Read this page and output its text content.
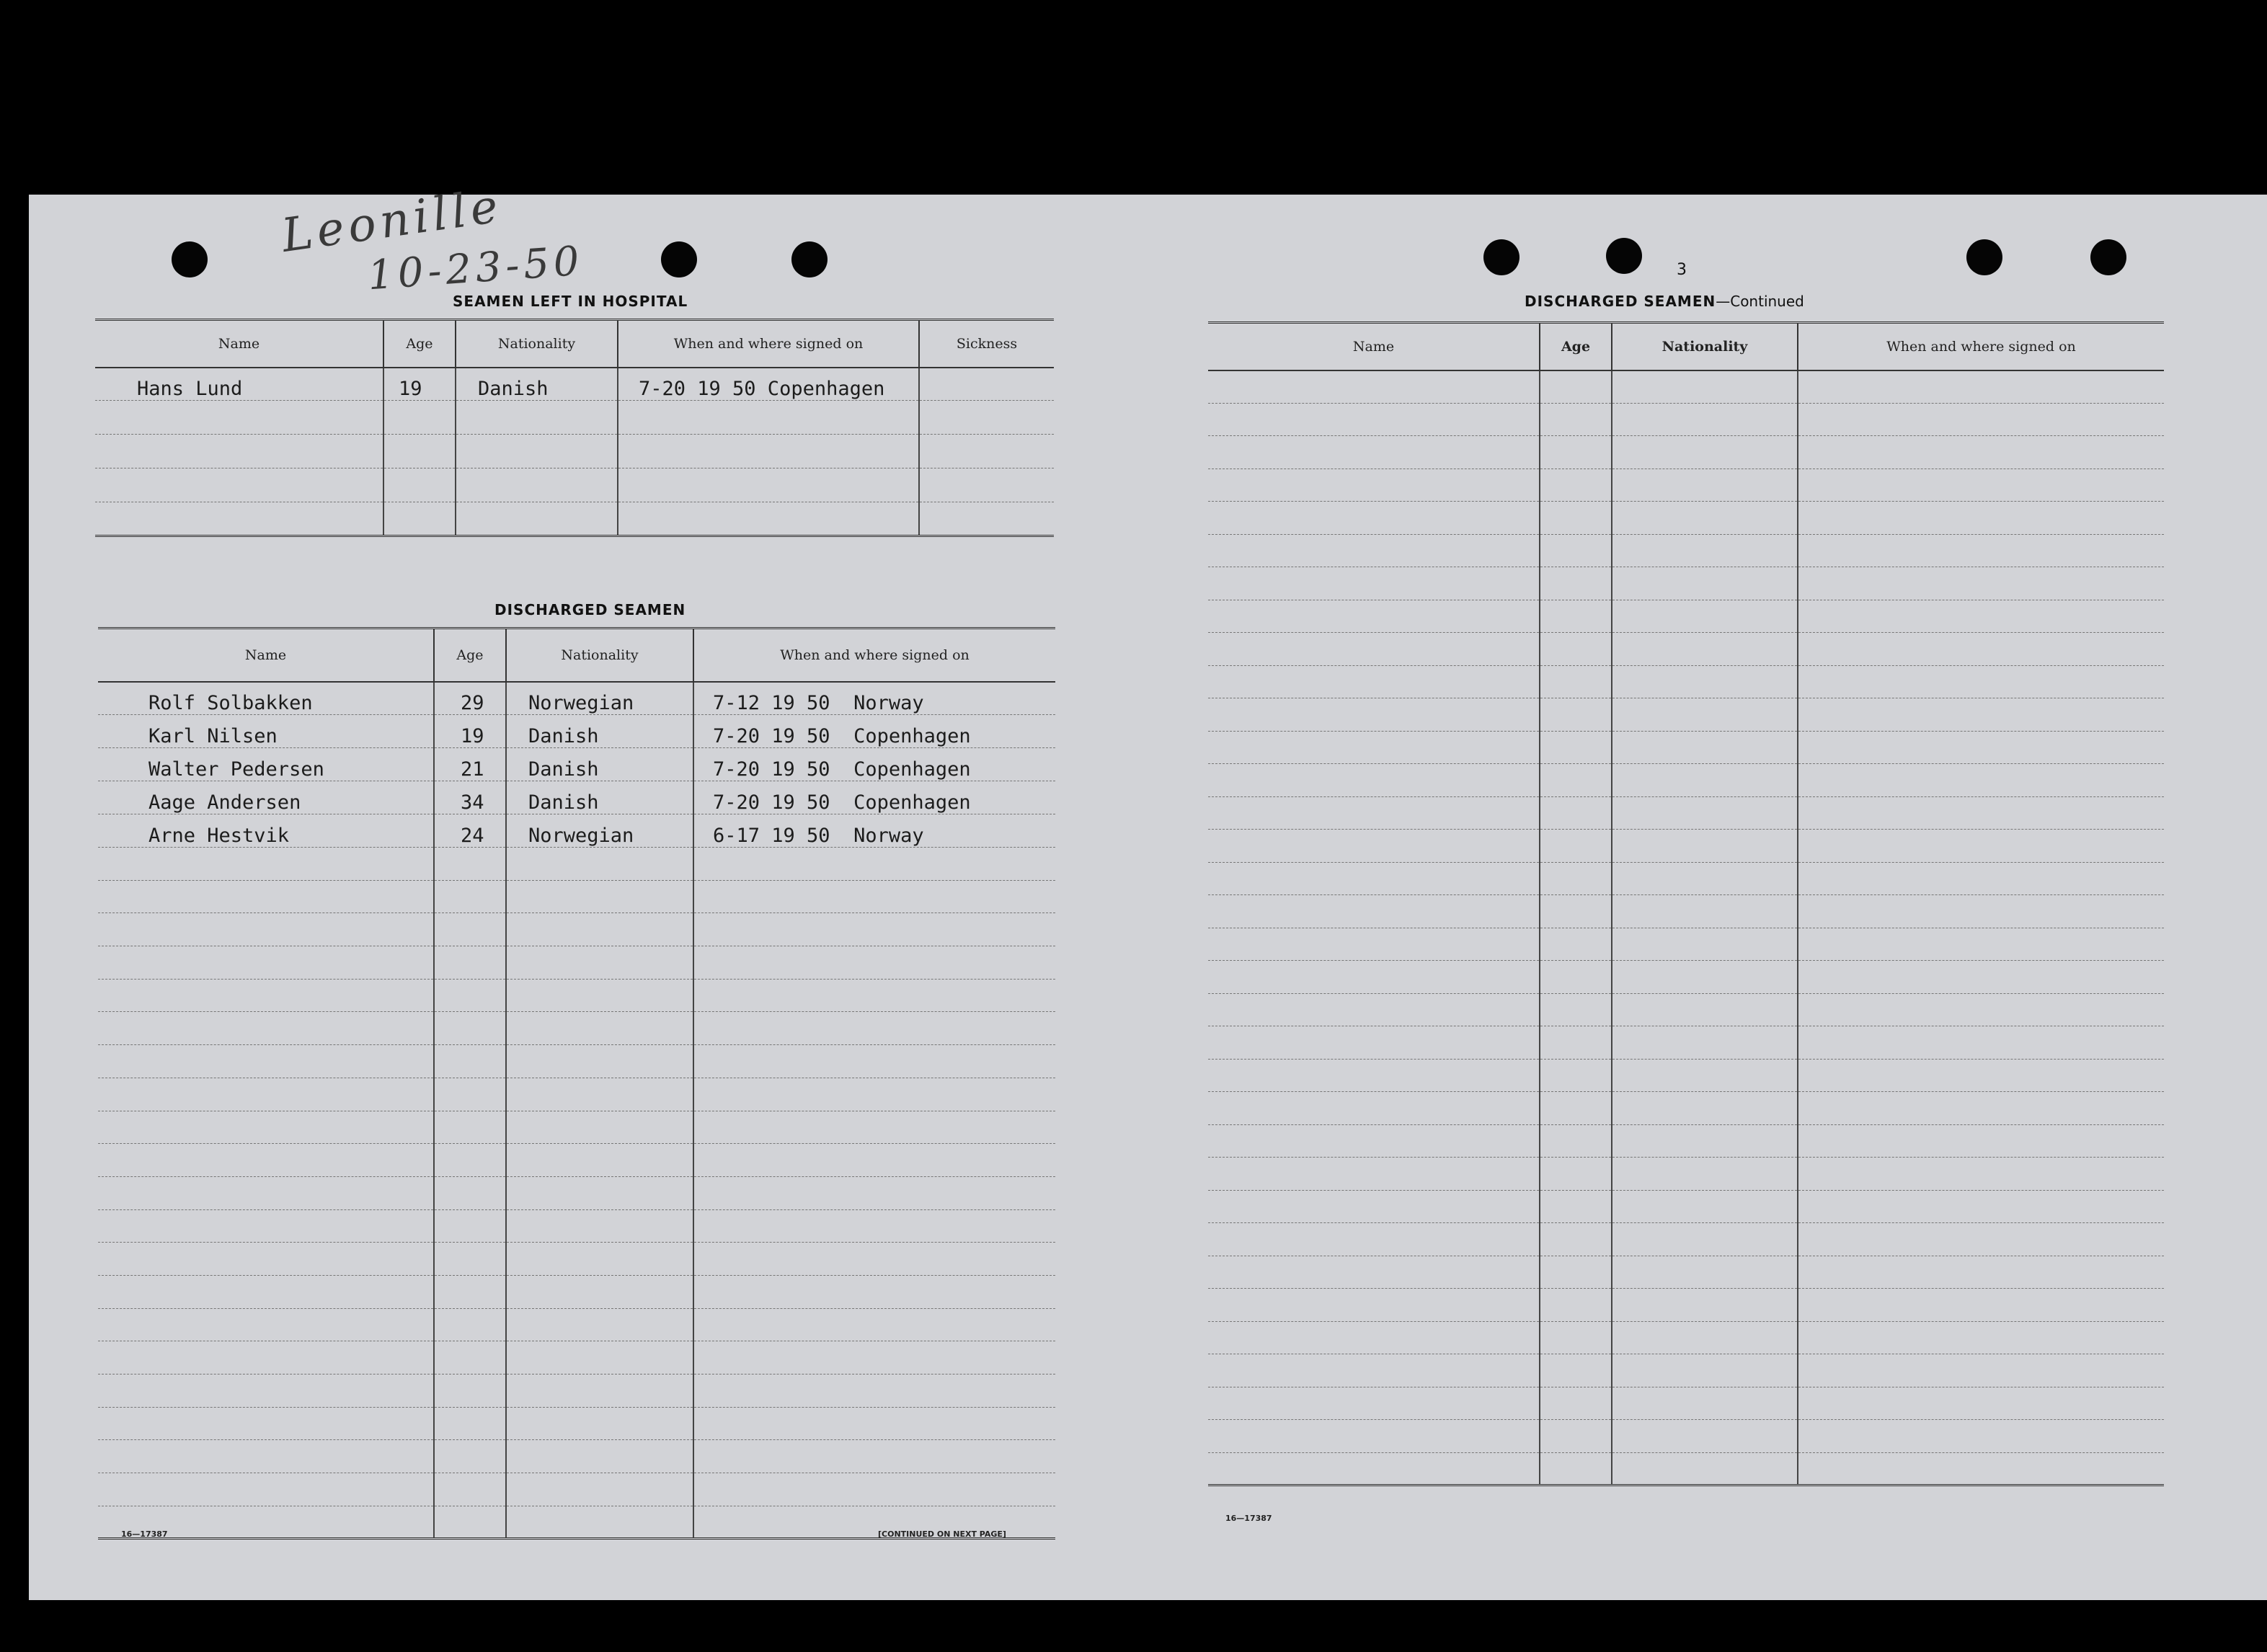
Leonille
10-23-50	3
SEAMEN LEFT IN HOSPITAL
Name	Age	Nationality	When and where signed on	Sickness
Hans Lund	19	Danish	7-20 19 50 Copenhagen	

DISCHARGED SEAMEN
Name	Age	Nationality	When and where signed on
Rolf Solbakken	29	Norwegian	7-12 19 50  Norway
Karl Nilsen	19	Danish	7-20 19 50  Copenhagen
Walter Pedersen	21	Danish	7-20 19 50  Copenhagen
Aage Andersen	34	Danish	7-20 19 50  Copenhagen
Arne Hestvik	24	Norwegian	6-17 19 50  Norway

16—17387	[CONTINUED ON NEXT PAGE]
DISCHARGED SEAMEN—Continued
Name	Age	Nationality	When and where signed on

16—17387
